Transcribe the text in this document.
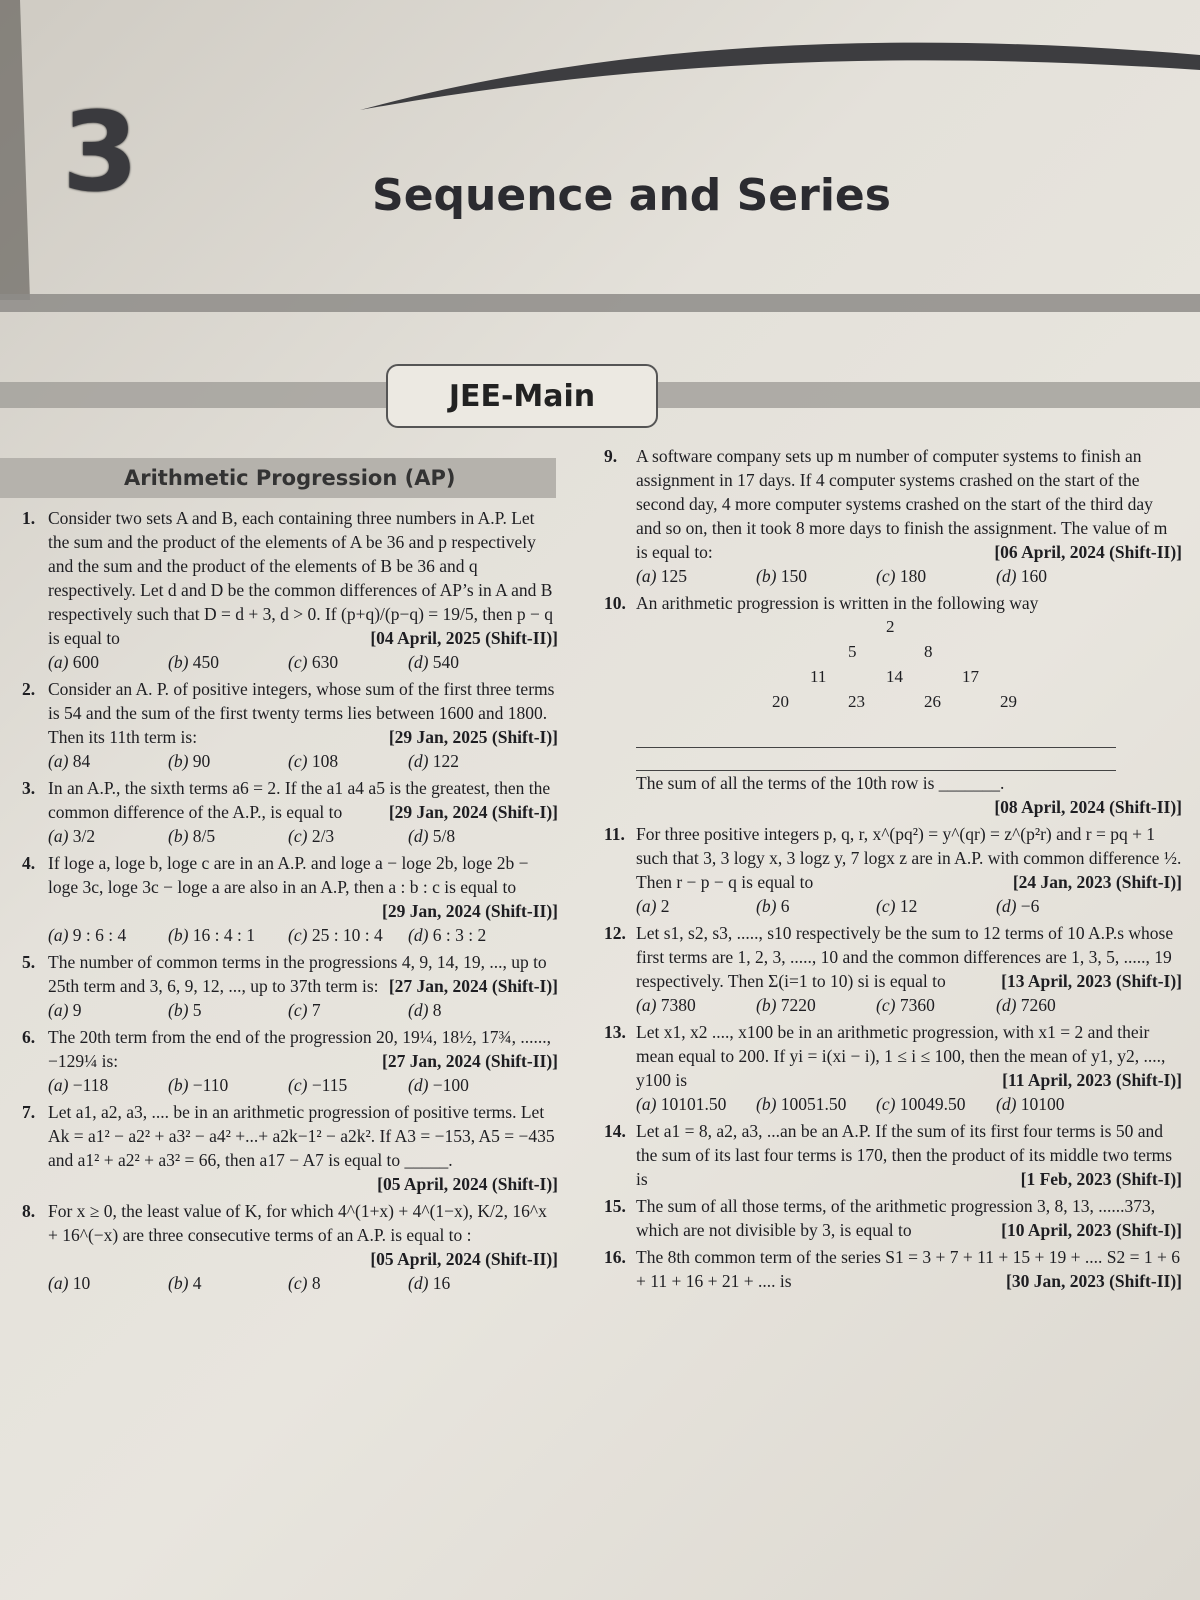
3	Sequence and Series
JEE-Main
Arithmetic Progression (AP)
1. Consider two sets A and B, each containing three numbers in A.P. Let the sum and the product of the elements of A be 36 and p respectively and the sum and the product of the elements of B be 36 and q respectively. Let d and D be the common differences of AP’s in A and B respectively such that D = d + 3, d > 0. If (p+q)/(p−q) = 19/5, then p − q is equal to	[04 April, 2025 (Shift-II)]
(a) 600	(b) 450	(c) 630	(d) 540
2. Consider an A. P. of positive integers, whose sum of the first three terms is 54 and the sum of the first twenty terms lies between 1600 and 1800. Then its 11th term is:	[29 Jan, 2025 (Shift-I)]
(a) 84	(b) 90	(c) 108	(d) 122
3. In an A.P., the sixth terms a6 = 2. If the a1 a4 a5 is the greatest, then the common difference of the A.P., is equal to	[29 Jan, 2024 (Shift-I)]
(a) 3/2	(b) 8/5	(c) 2/3	(d) 5/8
4. If loge a, loge b, loge c are in an A.P. and loge a − loge 2b, loge 2b − loge 3c, loge 3c − loge a are also in an A.P, then a : b : c is equal to
[29 Jan, 2024 (Shift-II)]
(a) 9 : 6 : 4	(b) 16 : 4 : 1	(c) 25 : 10 : 4	(d) 6 : 3 : 2
5. The number of common terms in the progressions 4, 9, 14, 19, ..., up to 25th term and 3, 6, 9, 12, ..., up to 37th term is: [27 Jan, 2024 (Shift-I)]
(a) 9	(b) 5	(c) 7	(d) 8
6. The 20th term from the end of the progression 20, 19¼, 18½, 17¾, ......, −129¼ is:	[27 Jan, 2024 (Shift-II)]
(a) −118	(b) −110	(c) −115	(d) −100
7. Let a1, a2, a3, .... be in an arithmetic progression of positive terms. Let Ak = a1² − a2² + a3² − a4² +...+ a2k−1² − a2k². If A3 = −153, A5 = −435 and a1² + a2² + a3² = 66, then a17 − A7 is equal to _____.
[05 April, 2024 (Shift-I)]
8. For x ≥ 0, the least value of K, for which 4^(1+x) + 4^(1−x), K/2, 16^x + 16^(−x) are three consecutive terms of an A.P. is equal to :
[05 April, 2024 (Shift-II)]
(a) 10	(b) 4	(c) 8	(d) 16
9. A software company sets up m number of computer systems to finish an assignment in 17 days. If 4 computer systems crashed on the start of the second day, 4 more computer systems crashed on the start of the third day and so on, then it took 8 more days to finish the assignment. The value of m is equal to:	[06 April, 2024 (Shift-II)]
(a) 125	(b) 150	(c) 180	(d) 160
10. An arithmetic progression is written in the following way
2
5	8
11	14	17
20	23	26	29
The sum of all the terms of the 10th row is _______.
[08 April, 2024 (Shift-II)]
11. For three positive integers p, q, r, x^(pq²) = y^(qr) = z^(p²r) and r = pq + 1 such that 3, 3 logy x, 3 logz y, 7 logx z are in A.P. with common difference ½. Then r − p − q is equal to	[24 Jan, 2023 (Shift-I)]
(a) 2	(b) 6	(c) 12	(d) −6
12. Let s1, s2, s3, ....., s10 respectively be the sum to 12 terms of 10 A.P.s whose first terms are 1, 2, 3, ....., 10 and the common differences are 1, 3, 5, ....., 19 respectively. Then Σ(i=1 to 10) si is equal to	[13 April, 2023 (Shift-I)]
(a) 7380	(b) 7220	(c) 7360	(d) 7260
13. Let x1, x2 ...., x100 be in an arithmetic progression, with x1 = 2 and their mean equal to 200. If yi = i(xi − i), 1 ≤ i ≤ 100, then the mean of y1, y2, ...., y100 is	[11 April, 2023 (Shift-I)]
(a) 10101.50	(b) 10051.50	(c) 10049.50	(d) 10100
14. Let a1 = 8, a2, a3, ...an be an A.P. If the sum of its first four terms is 50 and the sum of its last four terms is 170, then the product of its middle two terms is	[1 Feb, 2023 (Shift-I)]
15. The sum of all those terms, of the arithmetic progression 3, 8, 13, ......373, which are not divisible by 3, is equal to	[10 April, 2023 (Shift-I)]
16. The 8th common term of the series S1 = 3 + 7 + 11 + 15 + 19 + .... S2 = 1 + 6 + 11 + 16 + 21 + .... is	[30 Jan, 2023 (Shift-II)]
